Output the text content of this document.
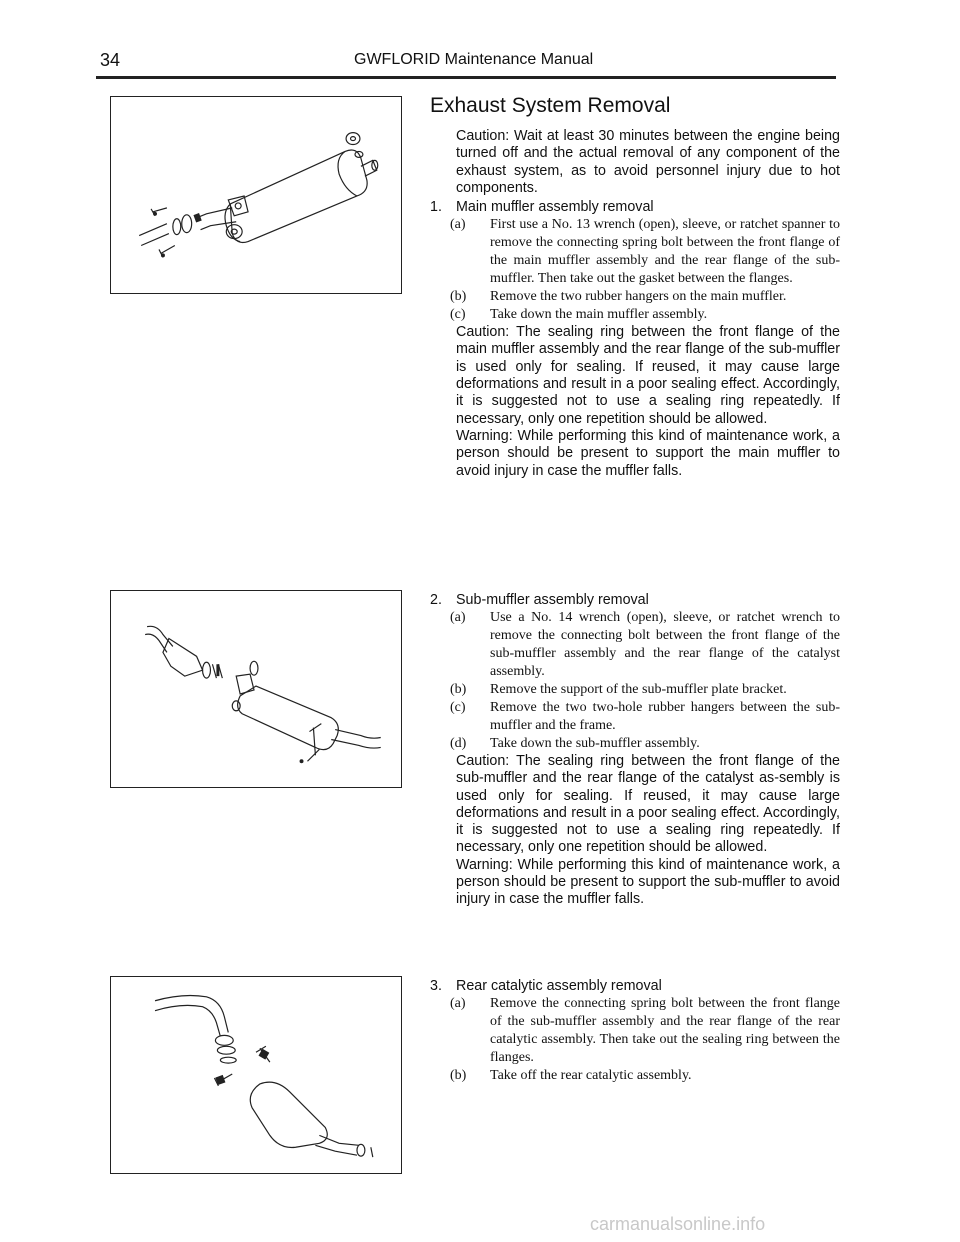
34	GWFLORID Maintenance Manual
Exhaust System Removal
Caution: Wait at least 30 minutes between the engine being turned off and the actual removal of any component of the exhaust system, as to avoid personnel injury due to hot components.
1. Main muffler assembly removal
(a)	First use a No. 13 wrench (open), sleeve, or ratchet spanner to remove the connecting spring bolt between the front flange of the main muffler assembly and the rear flange of the sub-muffler. Then take out the gasket between the flanges.
(b)	Remove the two rubber hangers on the main muffler.
(c)	Take down the main muffler assembly.
Caution: The sealing ring between the front flange of the main muffler assembly and the rear flange of the sub-muffler is used only for sealing. If reused, it may cause large deformations and result in a poor sealing effect. Accordingly, it is suggested not to use a sealing ring repeatedly. If necessary, only one repetition should be allowed.
Warning: While performing this kind of maintenance work, a person should be present to support the main muffler to avoid injury in case the muffler falls.
2. Sub-muffler assembly removal
(a)	Use a No. 14 wrench (open), sleeve, or ratchet wrench to remove the connecting bolt between the front flange of the sub-muffler assembly and the rear flange of the catalyst assembly.
(b)	Remove the support of the sub-muffler plate bracket.
(c)	Remove the two two-hole rubber hangers between the sub-muffler and the frame.
(d)	Take down the sub-muffler assembly.
Caution: The sealing ring between the front flange of the sub-muffler and the rear flange of the catalyst as-sembly is used only for sealing. If reused, it may cause large deformations and result in a poor sealing effect. Accordingly, it is suggested not to use a sealing ring repeatedly. If necessary, only one repetition should be allowed.
Warning: While performing this kind of maintenance work, a person should be present to support the sub-muffler to avoid injury in case the muffler falls.
3. Rear catalytic assembly removal
(a)	Remove the connecting spring bolt between the front flange of the sub-muffler assembly and the rear flange of the rear catalytic assembly. Then take out the sealing ring between the flanges.
(b)	Take off the rear catalytic assembly.
carmanualsonline.info
